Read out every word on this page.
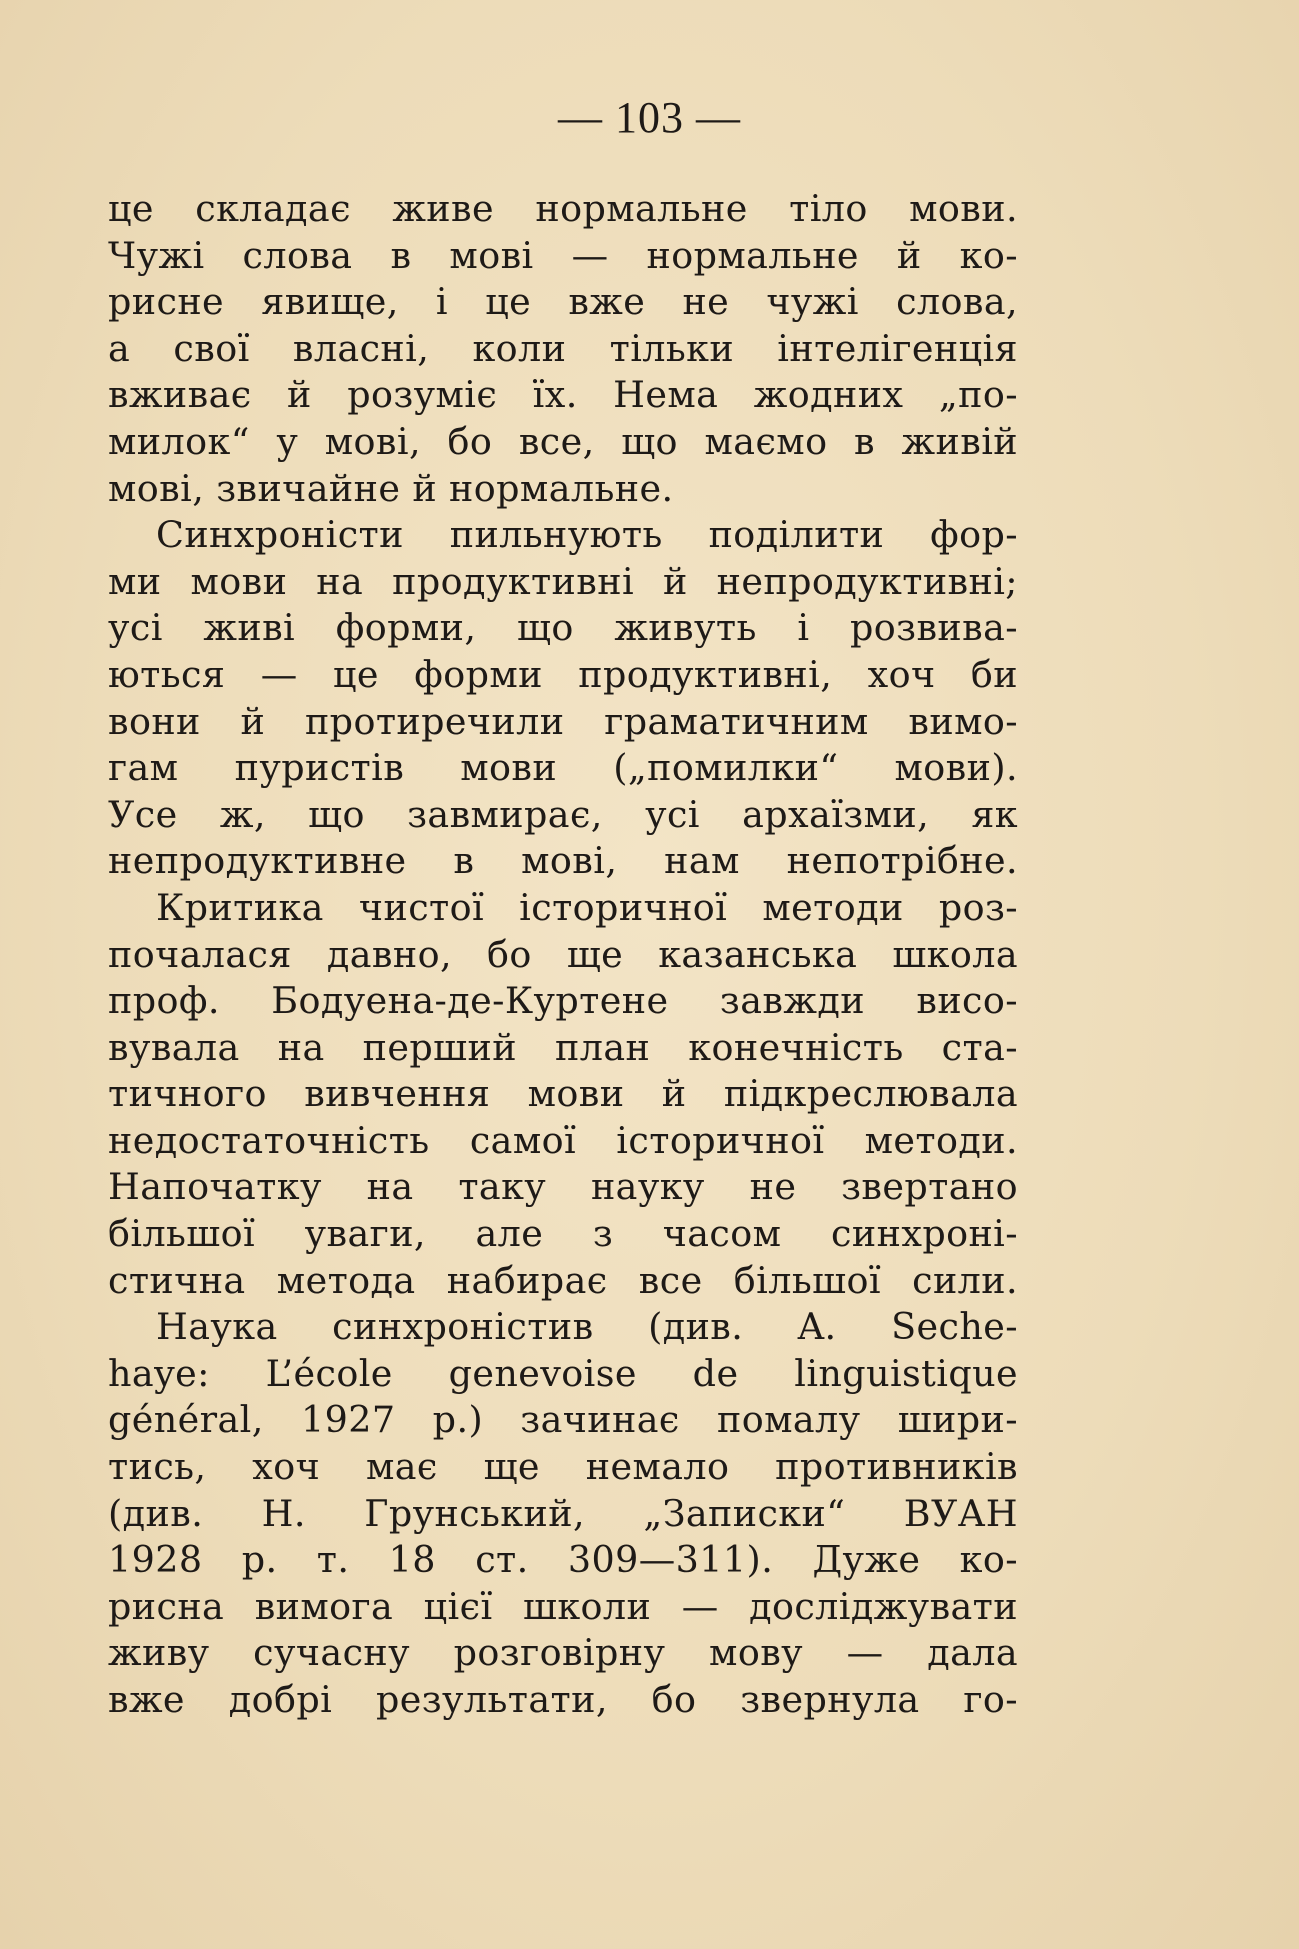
— 103 —
це складає живе нормальне тіло мови.
Чужі слова в мові — нормальне й ко-
рисне явище, і це вже не чужі слова,
а свої власні, коли тільки інтелігенція
вживає й розуміє їх. Нема жодних „по-
милок“ у мові, бо все, що маємо в живій
мові, звичайне й нормальне.
Синхроністи пильнують поділити фор-
ми мови на продуктивні й непродуктивні;
усі живі форми, що живуть і розвива-
ються — це форми продуктивні, хоч би
вони й протиречили граматичним вимо-
гам пуристів мови („помилки“ мови).
Усе ж, що завмирає, усі архаїзми, як
непродуктивне в мові, нам непотрібне.
Критика чистої історичної методи роз-
почалася давно, бо ще казанська школа
проф. Бодуена-де-Куртене завжди висо-
вувала на перший план конечність ста-
тичного вивчення мови й підкреслювала
недостаточність самої історичної методи.
Напочатку на таку науку не звертано
більшої уваги, але з часом синхроні-
стична метода набирає все більшої сили.
Наука синхроністив (див. A. Seche-
haye: L’école genevoise de linguistique
général, 1927 p.) зачинає помалу шири-
тись, хоч має ще немало противників
(див. H. Грунський, „Записки“ ВУАН
1928 p. т. 18 ст. 309—311). Дуже ко-
рисна вимога цієї школи — досліджувати
живу сучасну розговірну мову — дала
вже добрі результати, бо звернула го-
